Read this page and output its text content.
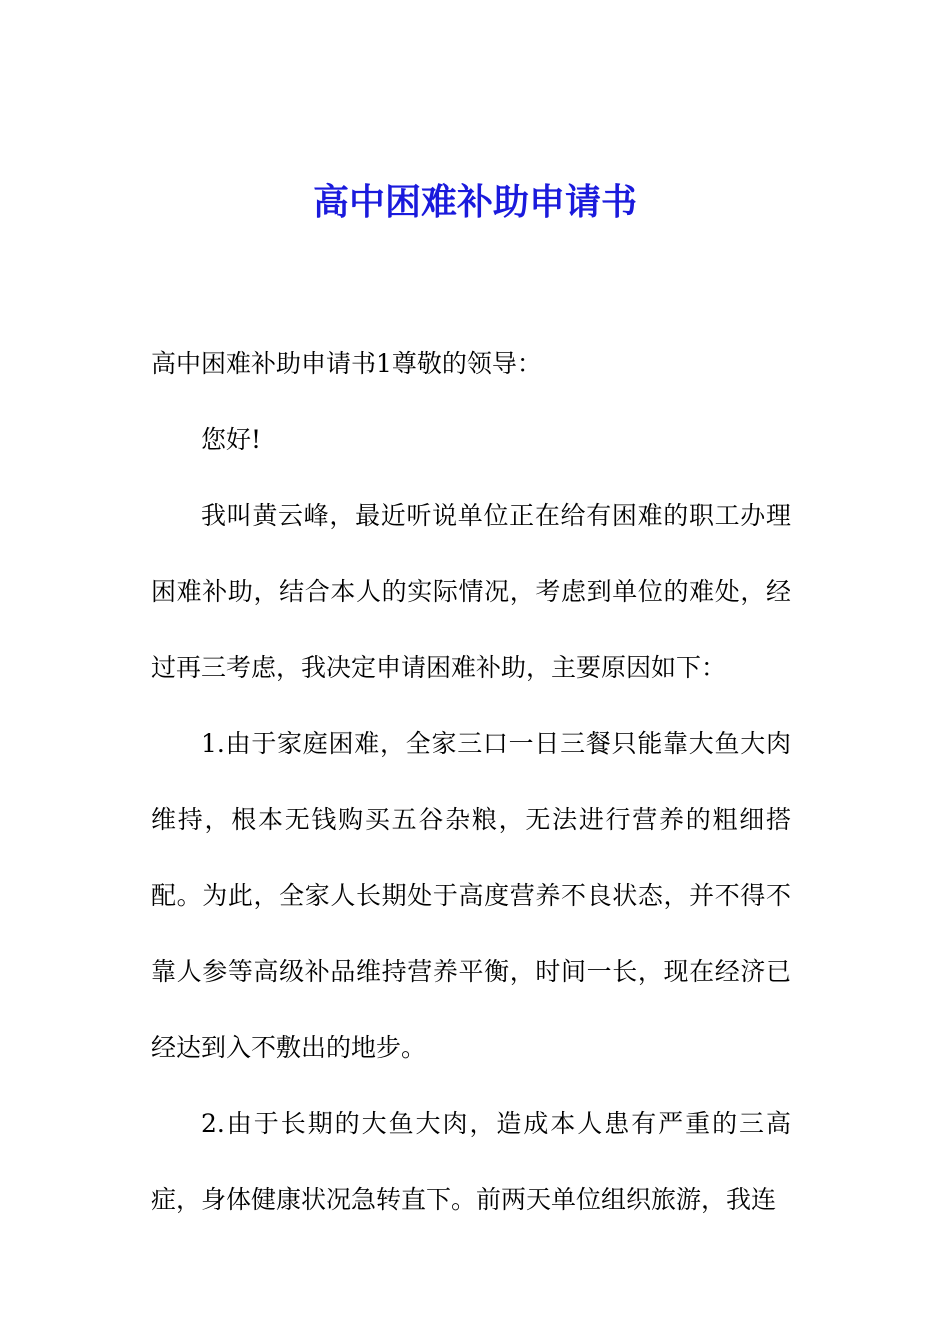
高中困难补助申请书

高中困难补助申请书1尊敬的领导：

您好!

我叫黄云峰，最近听说单位正在给有困难的职工办理困难补助，结合本人的实际情况，考虑到单位的难处，经过再三考虑，我决定申请困难补助，主要原因如下：

1.由于家庭困难，全家三口一日三餐只能靠大鱼大肉维持，根本无钱购买五谷杂粮，无法进行营养的粗细搭配。为此，全家人长期处于高度营养不良状态，并不得不靠人参等高级补品维持营养平衡，时间一长，现在经济已经达到入不敷出的地步。

2.由于长期的大鱼大肉，造成本人患有严重的三高症，身体健康状况急转直下。前两天单位组织旅游，我连
